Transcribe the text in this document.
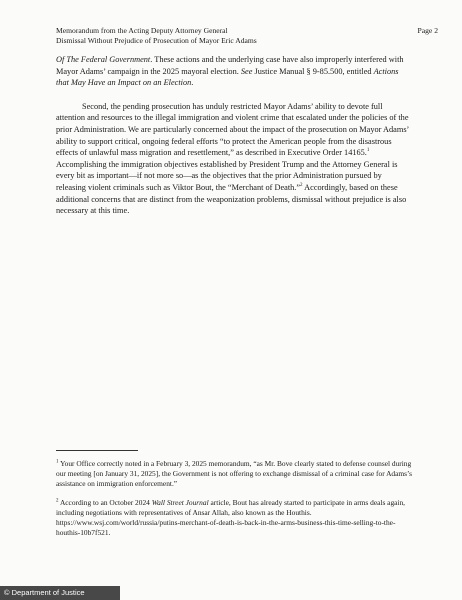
Memorandum from the Acting Deputy Attorney General
Dismissal Without Prejudice of Prosecution of Mayor Eric Adams
Page 2

Of The Federal Government. These actions and the underlying case have also improperly interfered with Mayor Adams’ campaign in the 2025 mayoral election. See Justice Manual § 9-85.500, entitled Actions that May Have an Impact on an Election.

Second, the pending prosecution has unduly restricted Mayor Adams’ ability to devote full attention and resources to the illegal immigration and violent crime that escalated under the policies of the prior Administration. We are particularly concerned about the impact of the prosecution on Mayor Adams’ ability to support critical, ongoing federal efforts “to protect the American people from the disastrous effects of unlawful mass migration and resettlement,” as described in Executive Order 14165.$^1$ Accomplishing the immigration objectives established by President Trump and the Attorney General is every bit as important—if not more so—as the objectives that the prior Administration pursued by releasing violent criminals such as Viktor Bout, the “Merchant of Death.”$^2$ Accordingly, based on these additional concerns that are distinct from the weaponization problems, dismissal without prejudice is also necessary at this time.

$^1$ Your Office correctly noted in a February 3, 2025 memorandum, “as Mr. Bove clearly stated to defense counsel during our meeting [on January 31, 2025], the Government is not offering to exchange dismissal of a criminal case for Adams’s assistance on immigration enforcement.”
$^2$ According to an October 2024 Wall Street Journal article, Bout has already started to participate in arms deals again, including negotiations with representatives of Ansar Allah, also known as the Houthis. https://www.wsj.com/world/russia/putins-merchant-of-death-is-back-in-the-arms-business-this-time-selling-to-the-houthis-10b7f521.
© Department of Justice
